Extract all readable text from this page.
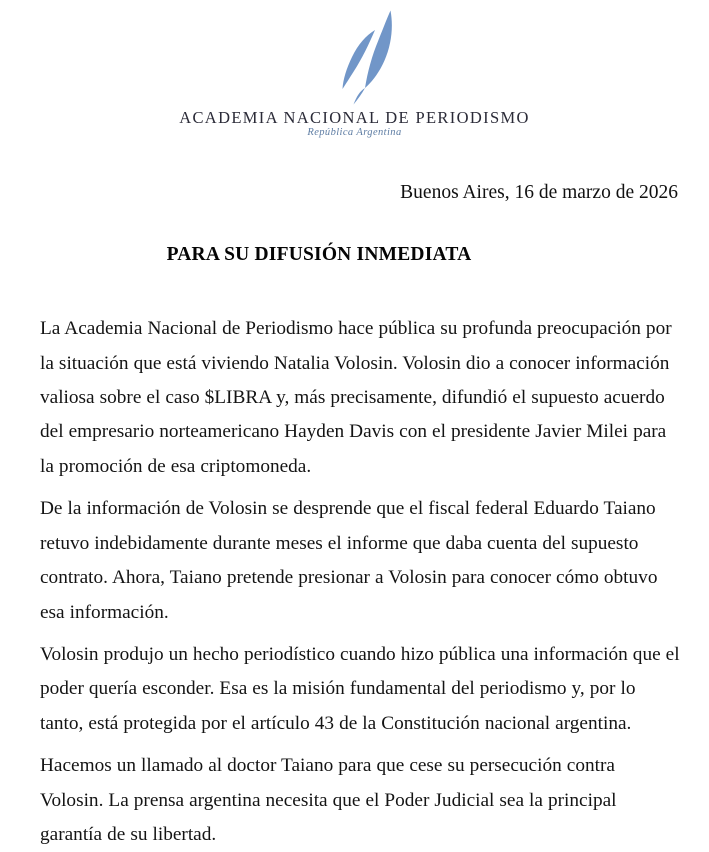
ACADEMIA NACIONAL DE PERIODISMO
República Argentina
Buenos Aires, 16 de marzo de 2026
PARA SU DIFUSIÓN INMEDIATA

La Academia Nacional de Periodismo hace pública su profunda preocupación por la situación que está viviendo Natalia Volosin. Volosin dio a conocer información valiosa sobre el caso $LIBRA y, más precisamente, difundió el supuesto acuerdo del empresario norteamericano Hayden Davis con el presidente Javier Milei para la promoción de esa criptomoneda.

De la información de Volosin se desprende que el fiscal federal Eduardo Taiano retuvo indebidamente durante meses el informe que daba cuenta del supuesto contrato. Ahora, Taiano pretende presionar a Volosin para conocer cómo obtuvo esa información.

Volosin produjo un hecho periodístico cuando hizo pública una información que el poder quería esconder. Esa es la misión fundamental del periodismo y, por lo tanto, está protegida por el artículo 43 de la Constitución nacional argentina.

Hacemos un llamado al doctor Taiano para que cese su persecución contra Volosin. La prensa argentina necesita que el Poder Judicial sea la principal garantía de su libertad.
